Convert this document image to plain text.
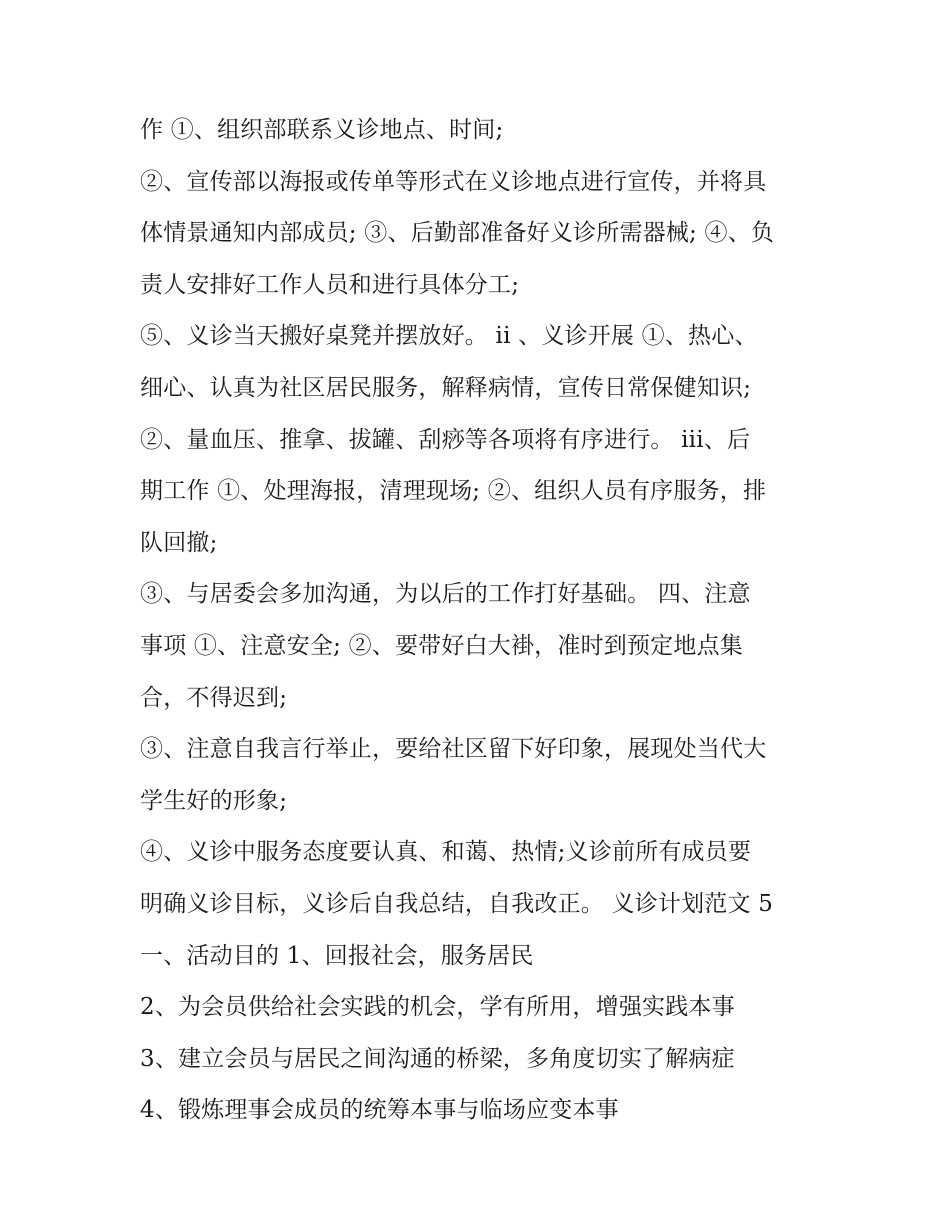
作 ①、组织部联系义诊地点、时间;
②、宣传部以海报或传单等形式在义诊地点进行宣传，并将具
体情景通知内部成员; ③、后勤部准备好义诊所需器械; ④、负
责人安排好工作人员和进行具体分工;
⑤、义诊当天搬好桌凳并摆放好。 ii 、义诊开展 ①、热心、
细心、认真为社区居民服务，解释病情，宣传日常保健知识;
②、量血压、推拿、拔罐、刮痧等各项将有序进行。 iii、后
期工作 ①、处理海报，清理现场; ②、组织人员有序服务，排
队回撤;
③、与居委会多加沟通，为以后的工作打好基础。 四、注意
事项 ①、注意安全; ②、要带好白大褂，准时到预定地点集
合，不得迟到;
③、注意自我言行举止，要给社区留下好印象，展现处当代大
学生好的形象;
④、义诊中服务态度要认真、和蔼、热情;义诊前所有成员要
明确义诊目标，义诊后自我总结，自我改正。 义诊计划范文 5
一、活动目的 1、回报社会，服务居民
2、为会员供给社会实践的机会，学有所用，增强实践本事
3、建立会员与居民之间沟通的桥梁，多角度切实了解病症
4、锻炼理事会成员的统筹本事与临场应变本事
